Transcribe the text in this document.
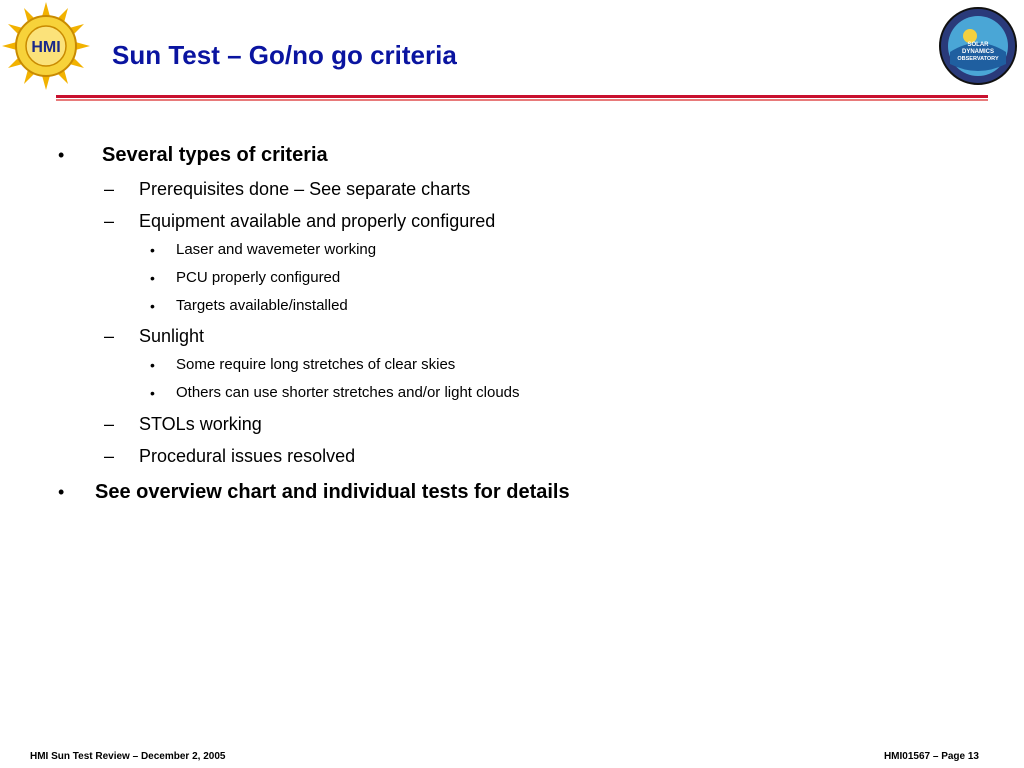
HMI	SOLAR
DYNAMICS
OBSERVATORY
Sun Test – Go/no go criteria
• Several types of criteria
– Prerequisites done – See separate charts
– Equipment available and properly configured
• Laser and wavemeter working
• PCU properly configured
• Targets available/installed
– Sunlight
• Some require long stretches of clear skies
• Others can use shorter stretches and/or light clouds
– STOLs working
– Procedural issues resolved
• See overview chart and individual tests for details
HMI Sun Test Review – December 2, 2005	HMI01567 – Page 13
